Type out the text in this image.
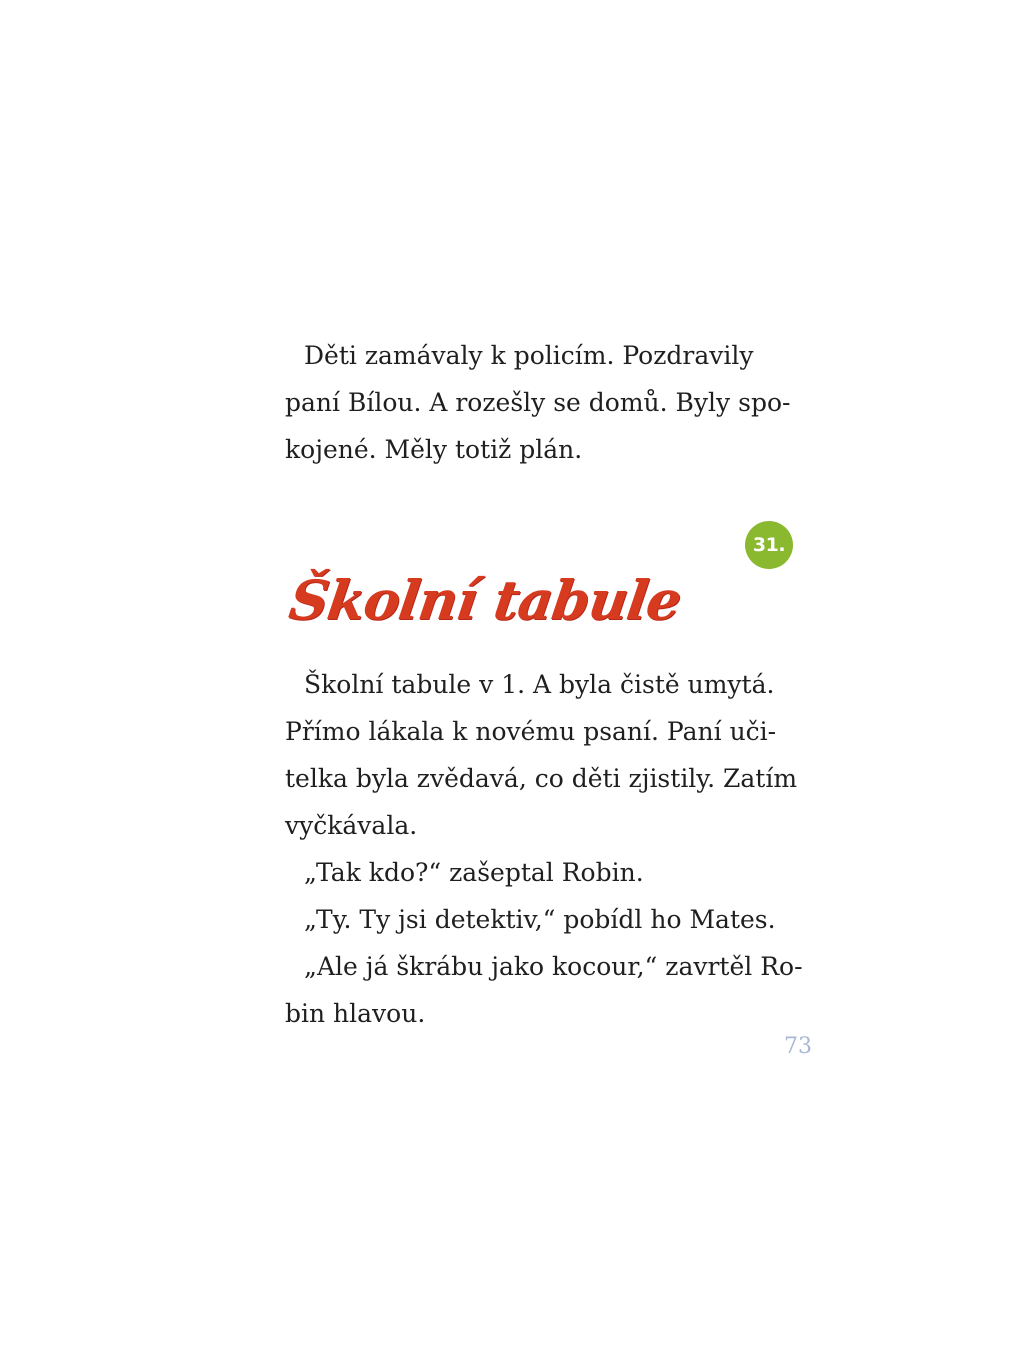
Děti zamávaly k policím. Pozdravily

paní Bílou. A rozešly se domů. Byly spo-

kojené. Měly totiž plán.

31.
Školní tabule

Školní tabule v 1. A byla čistě umytá.

Přímo lákala k novému psaní. Paní uči-

telka byla zvědavá, co děti zjistily. Zatím

vyčkávala.

„Tak kdo?“ zašeptal Robin.

„Ty. Ty jsi detektiv,“ pobídl ho Mates.

„Ale já škrábu jako kocour,“ zavrtěl Ro-

bin hlavou.

73
